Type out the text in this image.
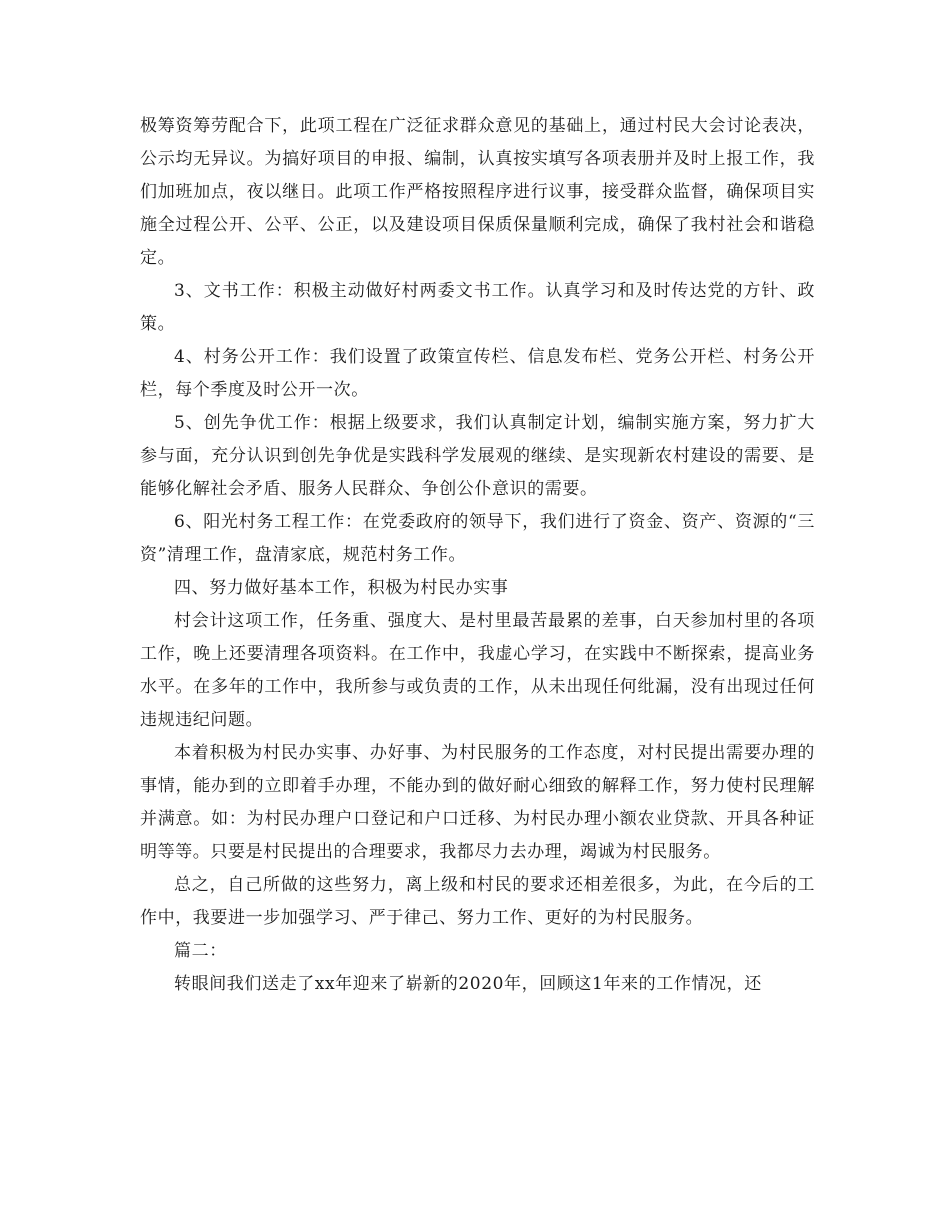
极筹资筹劳配合下，此项工程在广泛征求群众意见的基础上，通过村民大会讨论表决，公示均无异议。为搞好项目的申报、编制，认真按实填写各项表册并及时上报工作，我们加班加点，夜以继日。此项工作严格按照程序进行议事，接受群众监督，确保项目实施全过程公开、公平、公正，以及建设项目保质保量顺利完成，确保了我村社会和谐稳定。

3、文书工作：积极主动做好村两委文书工作。认真学习和及时传达党的方针、政策。

4、村务公开工作：我们设置了政策宣传栏、信息发布栏、党务公开栏、村务公开栏，每个季度及时公开一次。

5、创先争优工作：根据上级要求，我们认真制定计划，编制实施方案，努力扩大参与面，充分认识到创先争优是实践科学发展观的继续、是实现新农村建设的需要、是能够化解社会矛盾、服务人民群众、争创公仆意识的需要。

6、阳光村务工程工作：在党委政府的领导下，我们进行了资金、资产、资源的“三资”清理工作，盘清家底，规范村务工作。

四、努力做好基本工作，积极为村民办实事

村会计这项工作，任务重、强度大、是村里最苦最累的差事，白天参加村里的各项工作，晚上还要清理各项资料。在工作中，我虚心学习，在实践中不断探索，提高业务水平。在多年的工作中，我所参与或负责的工作，从未出现任何纰漏，没有出现过任何违规违纪问题。

本着积极为村民办实事、办好事、为村民服务的工作态度，对村民提出需要办理的事情，能办到的立即着手办理，不能办到的做好耐心细致的解释工作，努力使村民理解并满意。如：为村民办理户口登记和户口迁移、为村民办理小额农业贷款、开具各种证明等等。只要是村民提出的合理要求，我都尽力去办理，竭诚为村民服务。

总之，自己所做的这些努力，离上级和村民的要求还相差很多，为此，在今后的工作中，我要进一步加强学习、严于律己、努力工作、更好的为村民服务。

篇二：

转眼间我们送走了xx年迎来了崭新的2020年，回顾这1年来的工作情况，还
